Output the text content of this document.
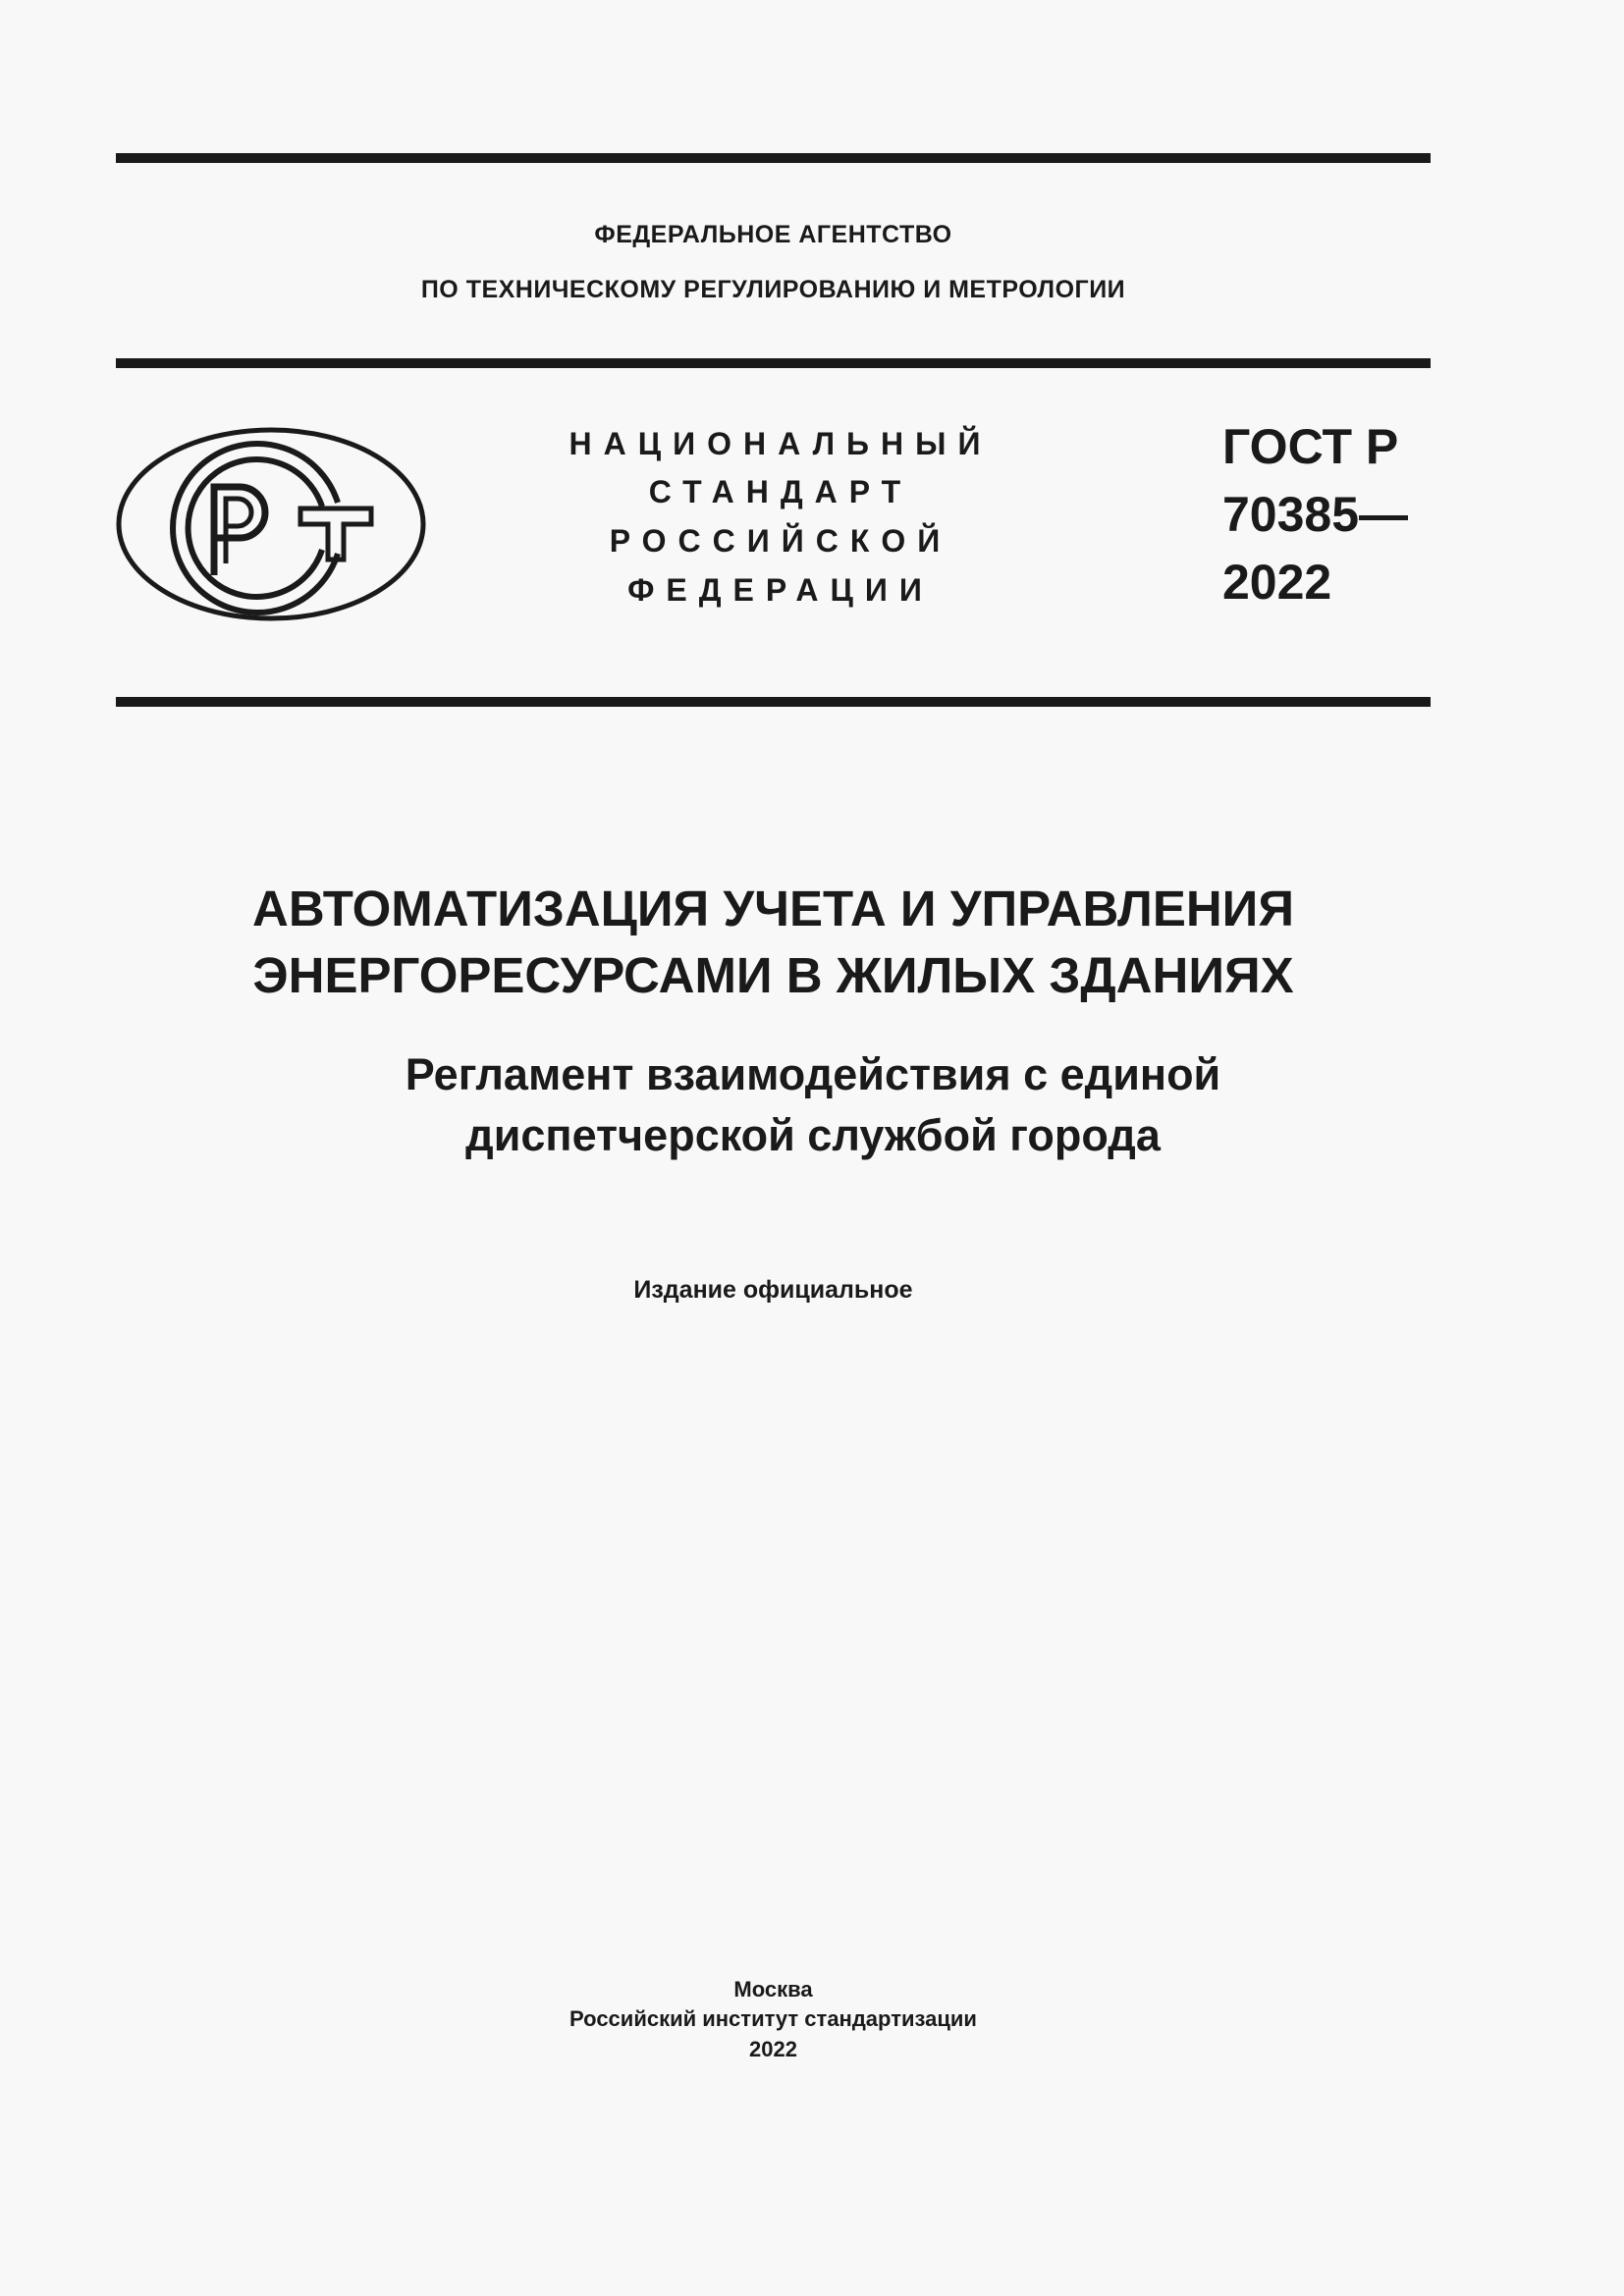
ФЕДЕРАЛЬНОЕ АГЕНТСТВО
ПО ТЕХНИЧЕСКОМУ РЕГУЛИРОВАНИЮ И МЕТРОЛОГИИ
НАЦИОНАЛЬНЫЙ
СТАНДАРТ
РОССИЙСКОЙ
ФЕДЕРАЦИИ
ГОСТ Р
70385—
2022
АВТОМАТИЗАЦИЯ УЧЕТА И УПРАВЛЕНИЯ
ЭНЕРГОРЕСУРСАМИ В ЖИЛЫХ ЗДАНИЯХ
Регламент взаимодействия с единой
диспетчерской службой города
Издание официальное
Москва
Российский институт стандартизации
2022
